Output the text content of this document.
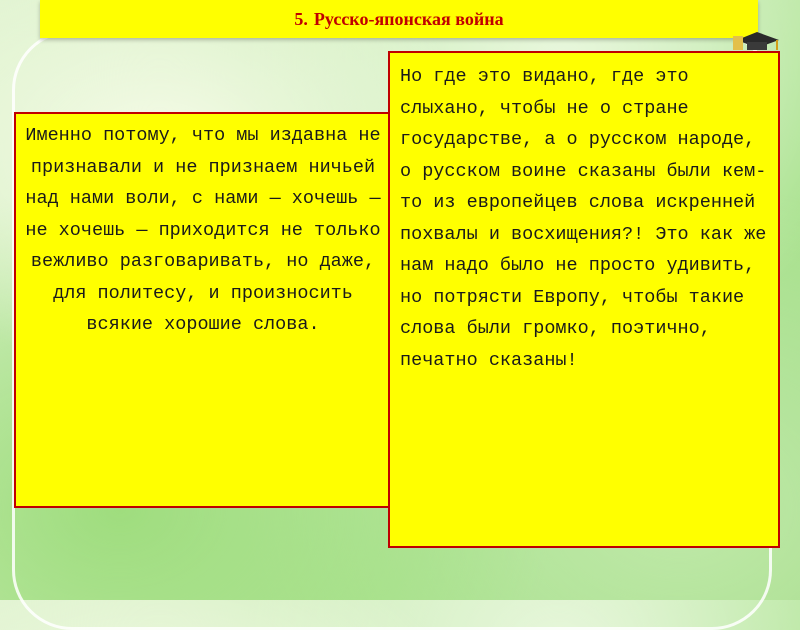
5. Русско-японская война
Именно потому, что мы издавна не признавали и не признаем ничьей над нами воли, с нами — хочешь — не хочешь — приходится не только вежливо разговаривать, но даже, для политесу, и произносить всякие хорошие слова.
Но где это видано, где это слыхано, чтобы не о стране государстве, а о русском народе, о русском воине сказаны были кем-то из европейцев слова искренней похвалы и восхищения?! Это как же нам надо было не просто удивить, но потрясти Европу, чтобы такие слова были громко, поэтично, печатно сказаны!
